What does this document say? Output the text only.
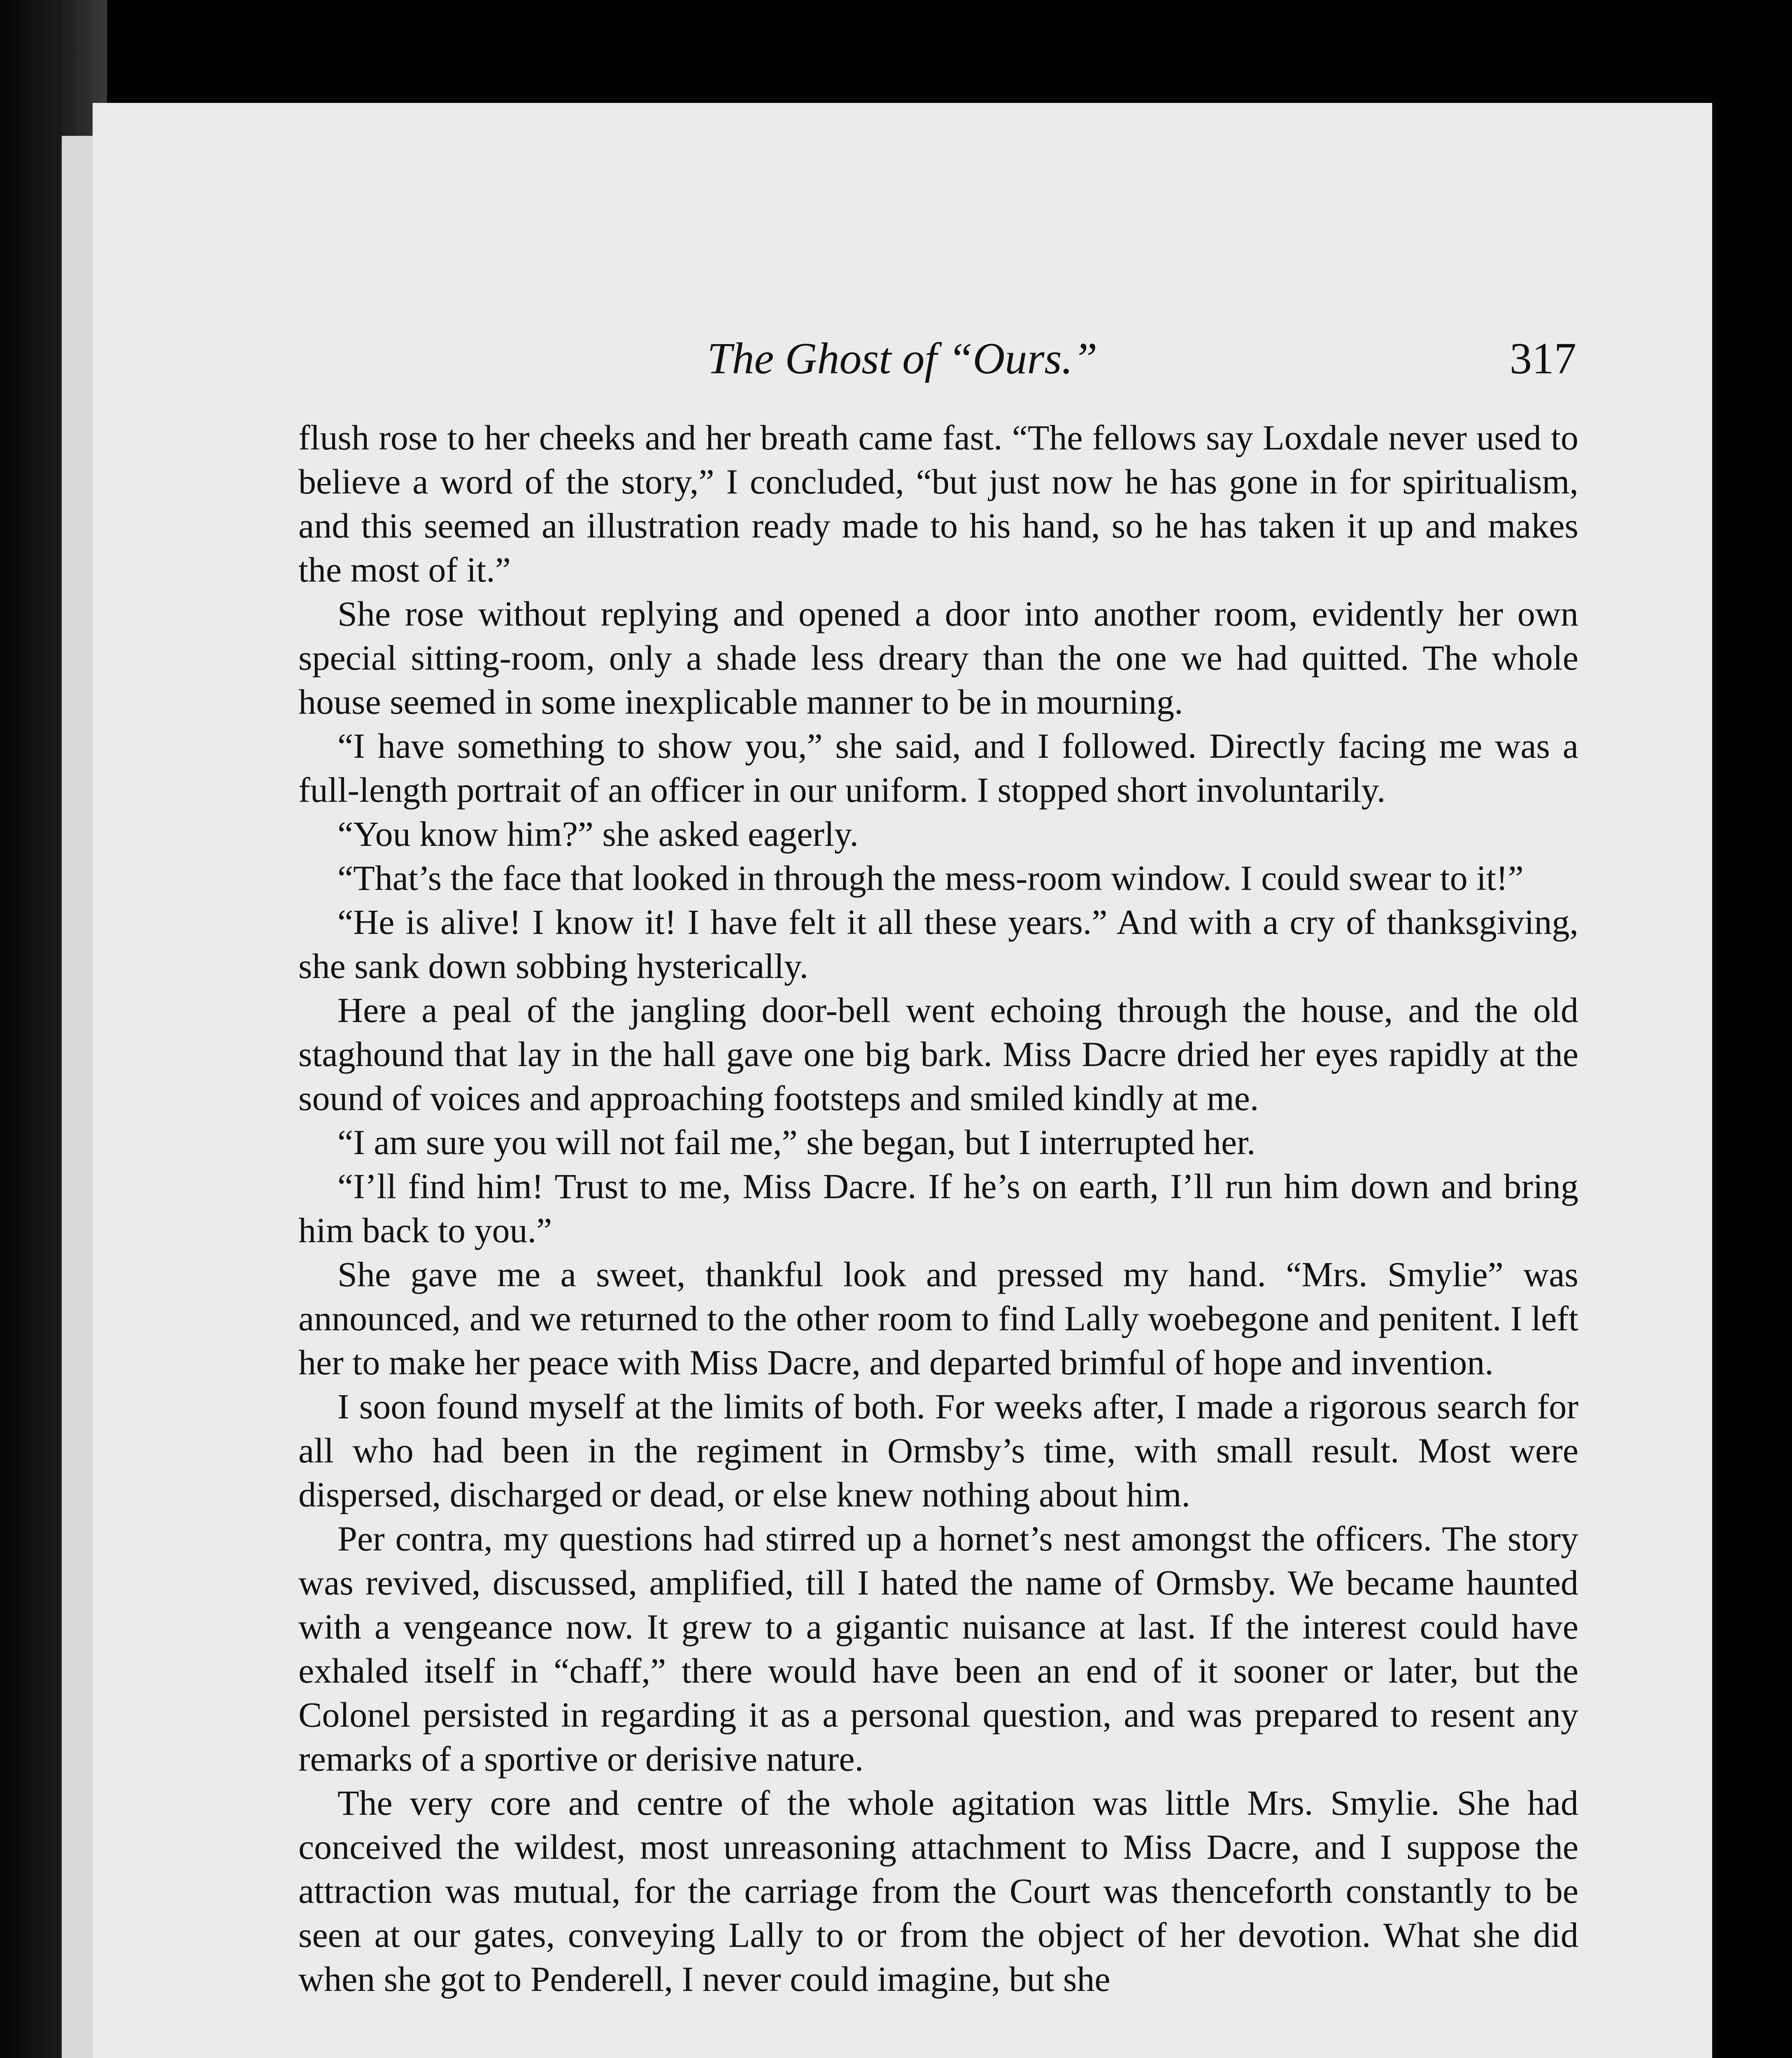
The Ghost of “Ours.”	317

flush rose to her cheeks and her breath came fast. “The fellows say Loxdale never used to believe a word of the story,” I concluded, “but just now he has gone in for spiritualism, and this seemed an illustration ready made to his hand, so he has taken it up and makes the most of it.”

She rose without replying and opened a door into another room, evidently her own special sitting-room, only a shade less dreary than the one we had quitted. The whole house seemed in some inexplicable manner to be in mourning.

“I have something to show you,” she said, and I followed. Directly facing me was a full-length portrait of an officer in our uniform. I stopped short involuntarily.

“You know him?” she asked eagerly.

“That’s the face that looked in through the mess-room window. I could swear to it!”

“He is alive! I know it! I have felt it all these years.” And with a cry of thanksgiving, she sank down sobbing hysterically.

Here a peal of the jangling door-bell went echoing through the house, and the old staghound that lay in the hall gave one big bark. Miss Dacre dried her eyes rapidly at the sound of voices and approaching footsteps and smiled kindly at me.

“I am sure you will not fail me,” she began, but I interrupted her.

“I’ll find him! Trust to me, Miss Dacre. If he’s on earth, I’ll run him down and bring him back to you.”

She gave me a sweet, thankful look and pressed my hand. “Mrs. Smylie” was announced, and we returned to the other room to find Lally woebegone and penitent. I left her to make her peace with Miss Dacre, and departed brimful of hope and invention.

I soon found myself at the limits of both. For weeks after, I made a rigorous search for all who had been in the regiment in Ormsby’s time, with small result. Most were dispersed, discharged or dead, or else knew nothing about him.

Per contra, my questions had stirred up a hornet’s nest amongst the officers. The story was revived, discussed, amplified, till I hated the name of Ormsby. We became haunted with a vengeance now. It grew to a gigantic nuisance at last. If the interest could have exhaled itself in “chaff,” there would have been an end of it sooner or later, but the Colonel persisted in regarding it as a personal question, and was prepared to resent any remarks of a sportive or derisive nature.

The very core and centre of the whole agitation was little Mrs. Smylie. She had conceived the wildest, most unreasoning attachment to Miss Dacre, and I suppose the attraction was mutual, for the carriage from the Court was thenceforth constantly to be seen at our gates, conveying Lally to or from the object of her devotion. What she did when she got to Penderell, I never could imagine, but she
